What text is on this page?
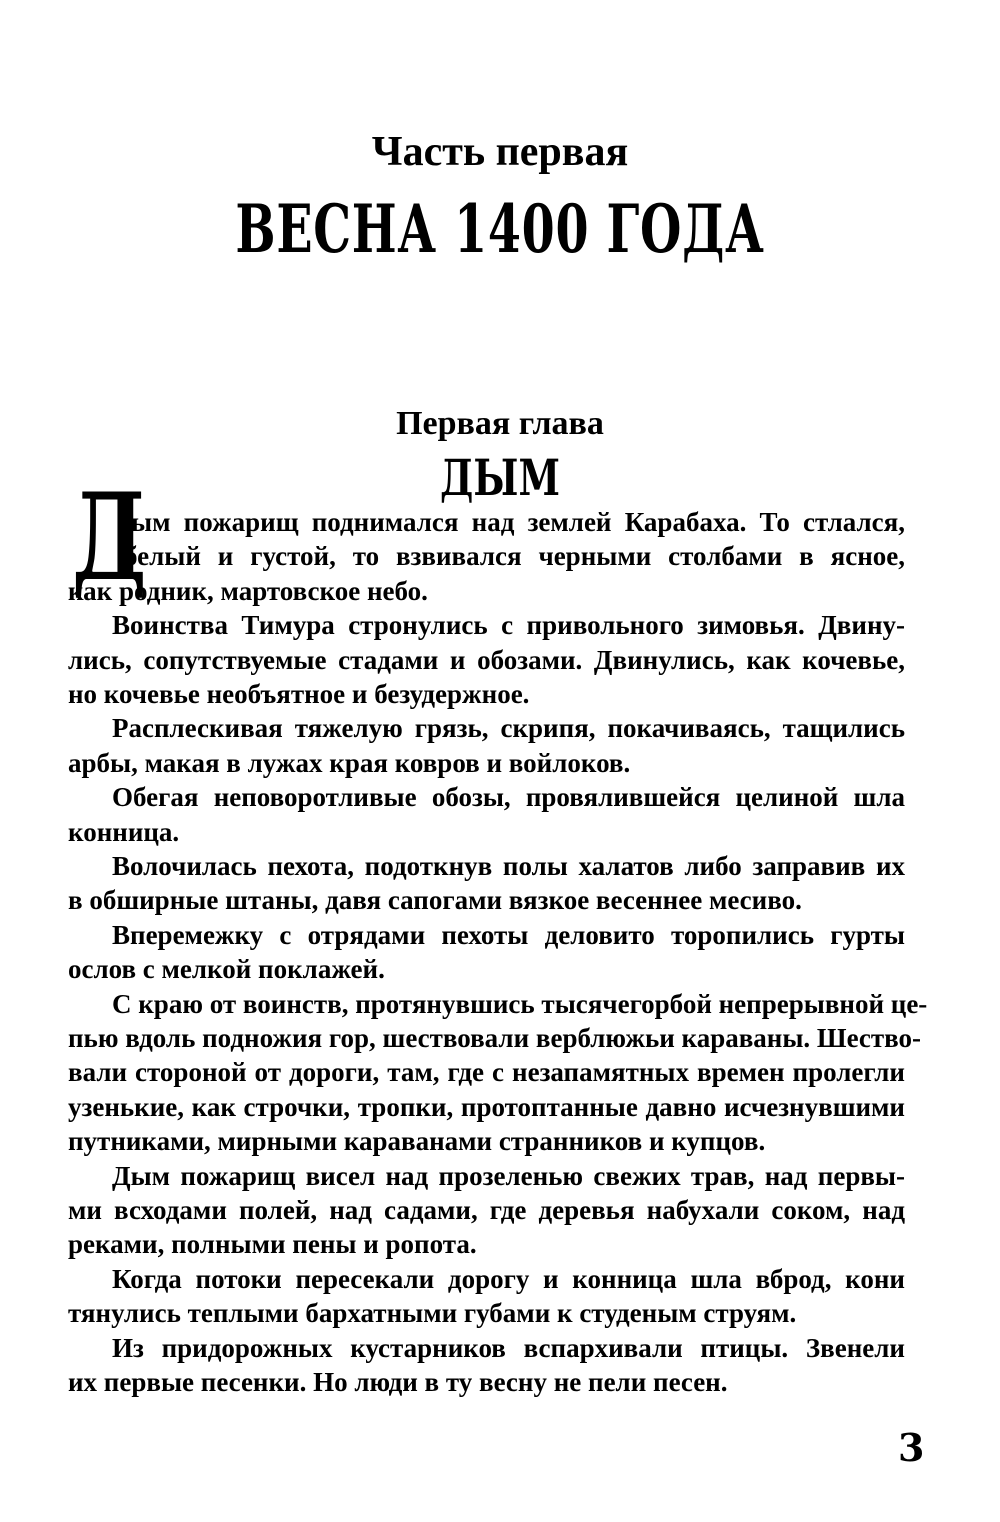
Часть первая
ВЕСНА 1400 ГОДА
Первая глава
ДЫМ
Д
ым пожарищ поднимался над землей Карабаха. То стлался,
белый и густой, то взвивался черными столбами в ясное,
как родник, мартовское небо.
Воинства Тимура стронулись с привольного зимовья. Двину-
лись, сопутствуемые стадами и обозами. Двинулись, как кочевье,
но кочевье необъятное и безудержное.
Расплескивая тяжелую грязь, скрипя, покачиваясь, тащились
арбы, макая в лужах края ковров и войлоков.
Обегая неповоротливые обозы, провялившейся целиной шла
конница.
Волочилась пехота, подоткнув полы халатов либо заправив их
в обширные штаны, давя сапогами вязкое весеннее месиво.
Вперемежку с отрядами пехоты деловито торопились гурты
ослов с мелкой поклажей.
С краю от воинств, протянувшись тысячегорбой непрерывной це-
пью вдоль подножия гор, шествовали верблюжьи караваны. Шество-
вали стороной от дороги, там, где с незапамятных времен пролегли
узенькие, как строчки, тропки, протоптанные давно исчезнувшими
путниками, мирными караванами странников и купцов.
Дым пожарищ висел над прозеленью свежих трав, над первы-
ми всходами полей, над садами, где деревья набухали соком, над
реками, полными пены и ропота.
Когда потоки пересекали дорогу и конница шла вброд, кони
тянулись теплыми бархатными губами к студеным струям.
Из придорожных кустарников вспархивали птицы. Звенели
их первые песенки. Но люди в ту весну не пели песен.
3
